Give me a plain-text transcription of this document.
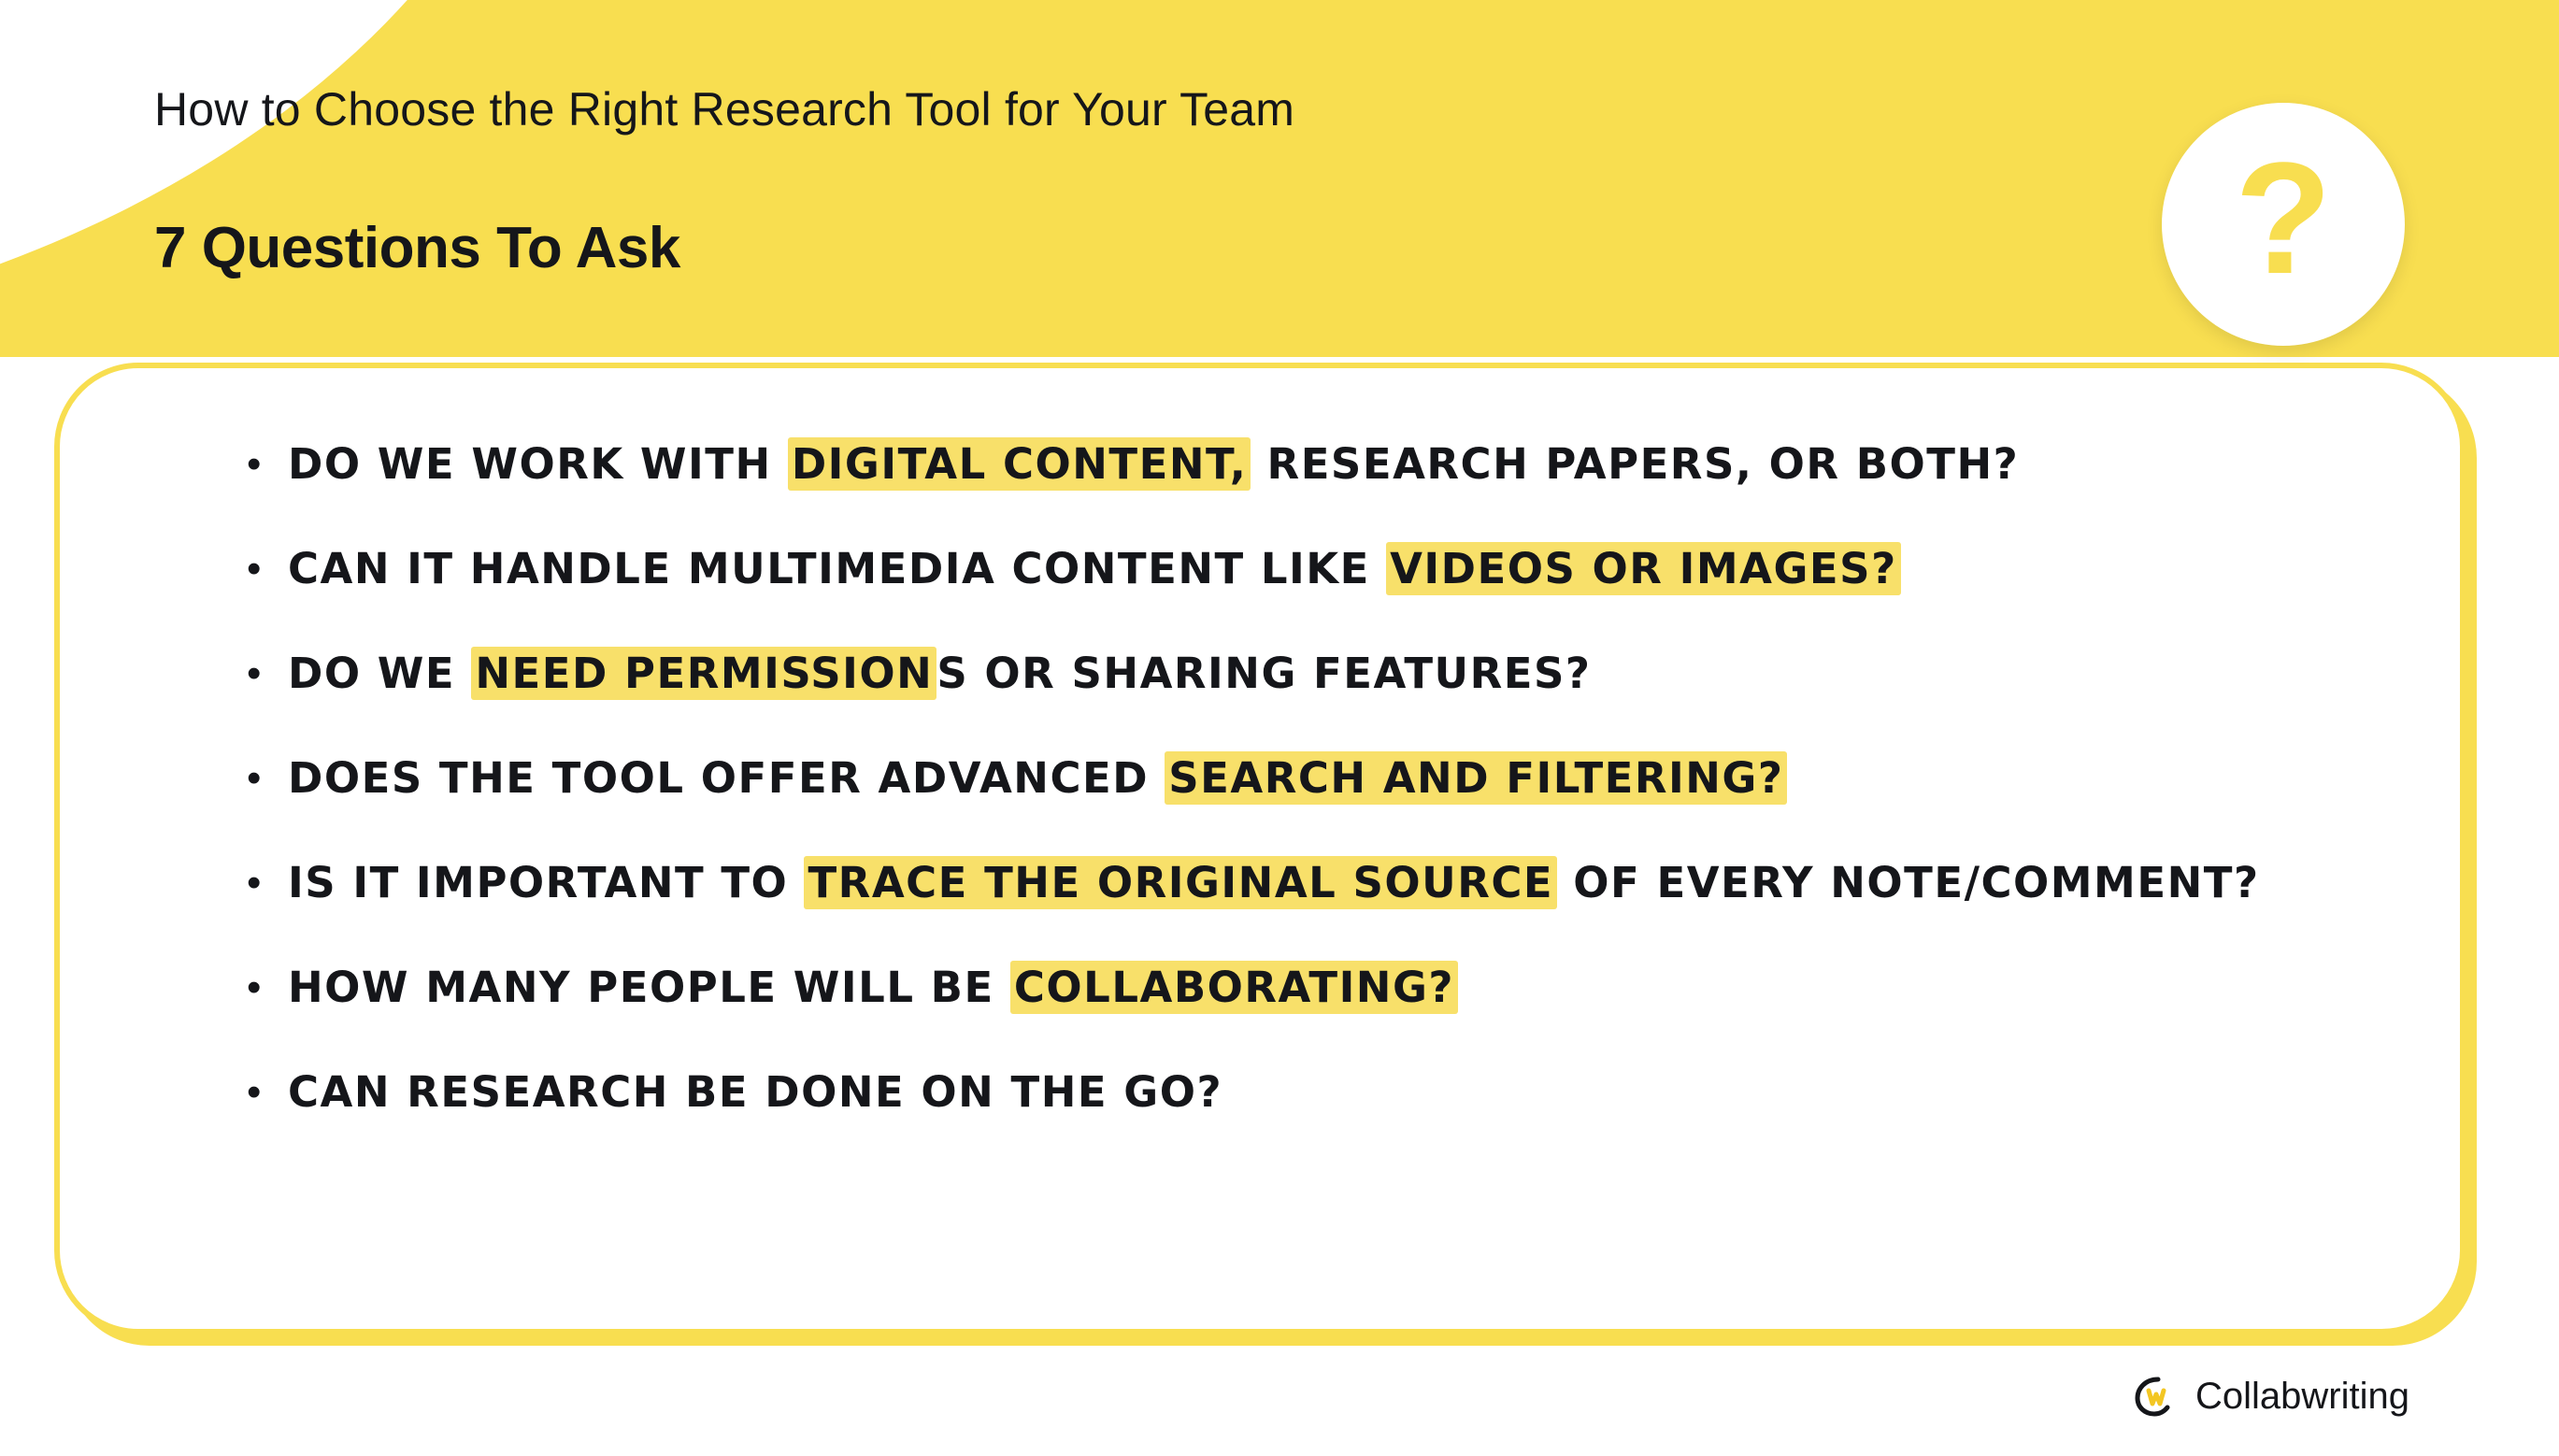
How to Choose the Right Research Tool for Your Team
7 Questions To Ask	?
• DO WE WORK WITH DIGITAL CONTENT, RESEARCH PAPERS, OR BOTH?
• CAN IT HANDLE MULTIMEDIA CONTENT LIKE VIDEOS OR IMAGES?
• DO WE NEED PERMISSIONS OR SHARING FEATURES?
• DOES THE TOOL OFFER ADVANCED SEARCH AND FILTERING?
• IS IT IMPORTANT TO TRACE THE ORIGINAL SOURCE OF EVERY NOTE/COMMENT?
• HOW MANY PEOPLE WILL BE COLLABORATING?
• CAN RESEARCH BE DONE ON THE GO?
Collabwriting
